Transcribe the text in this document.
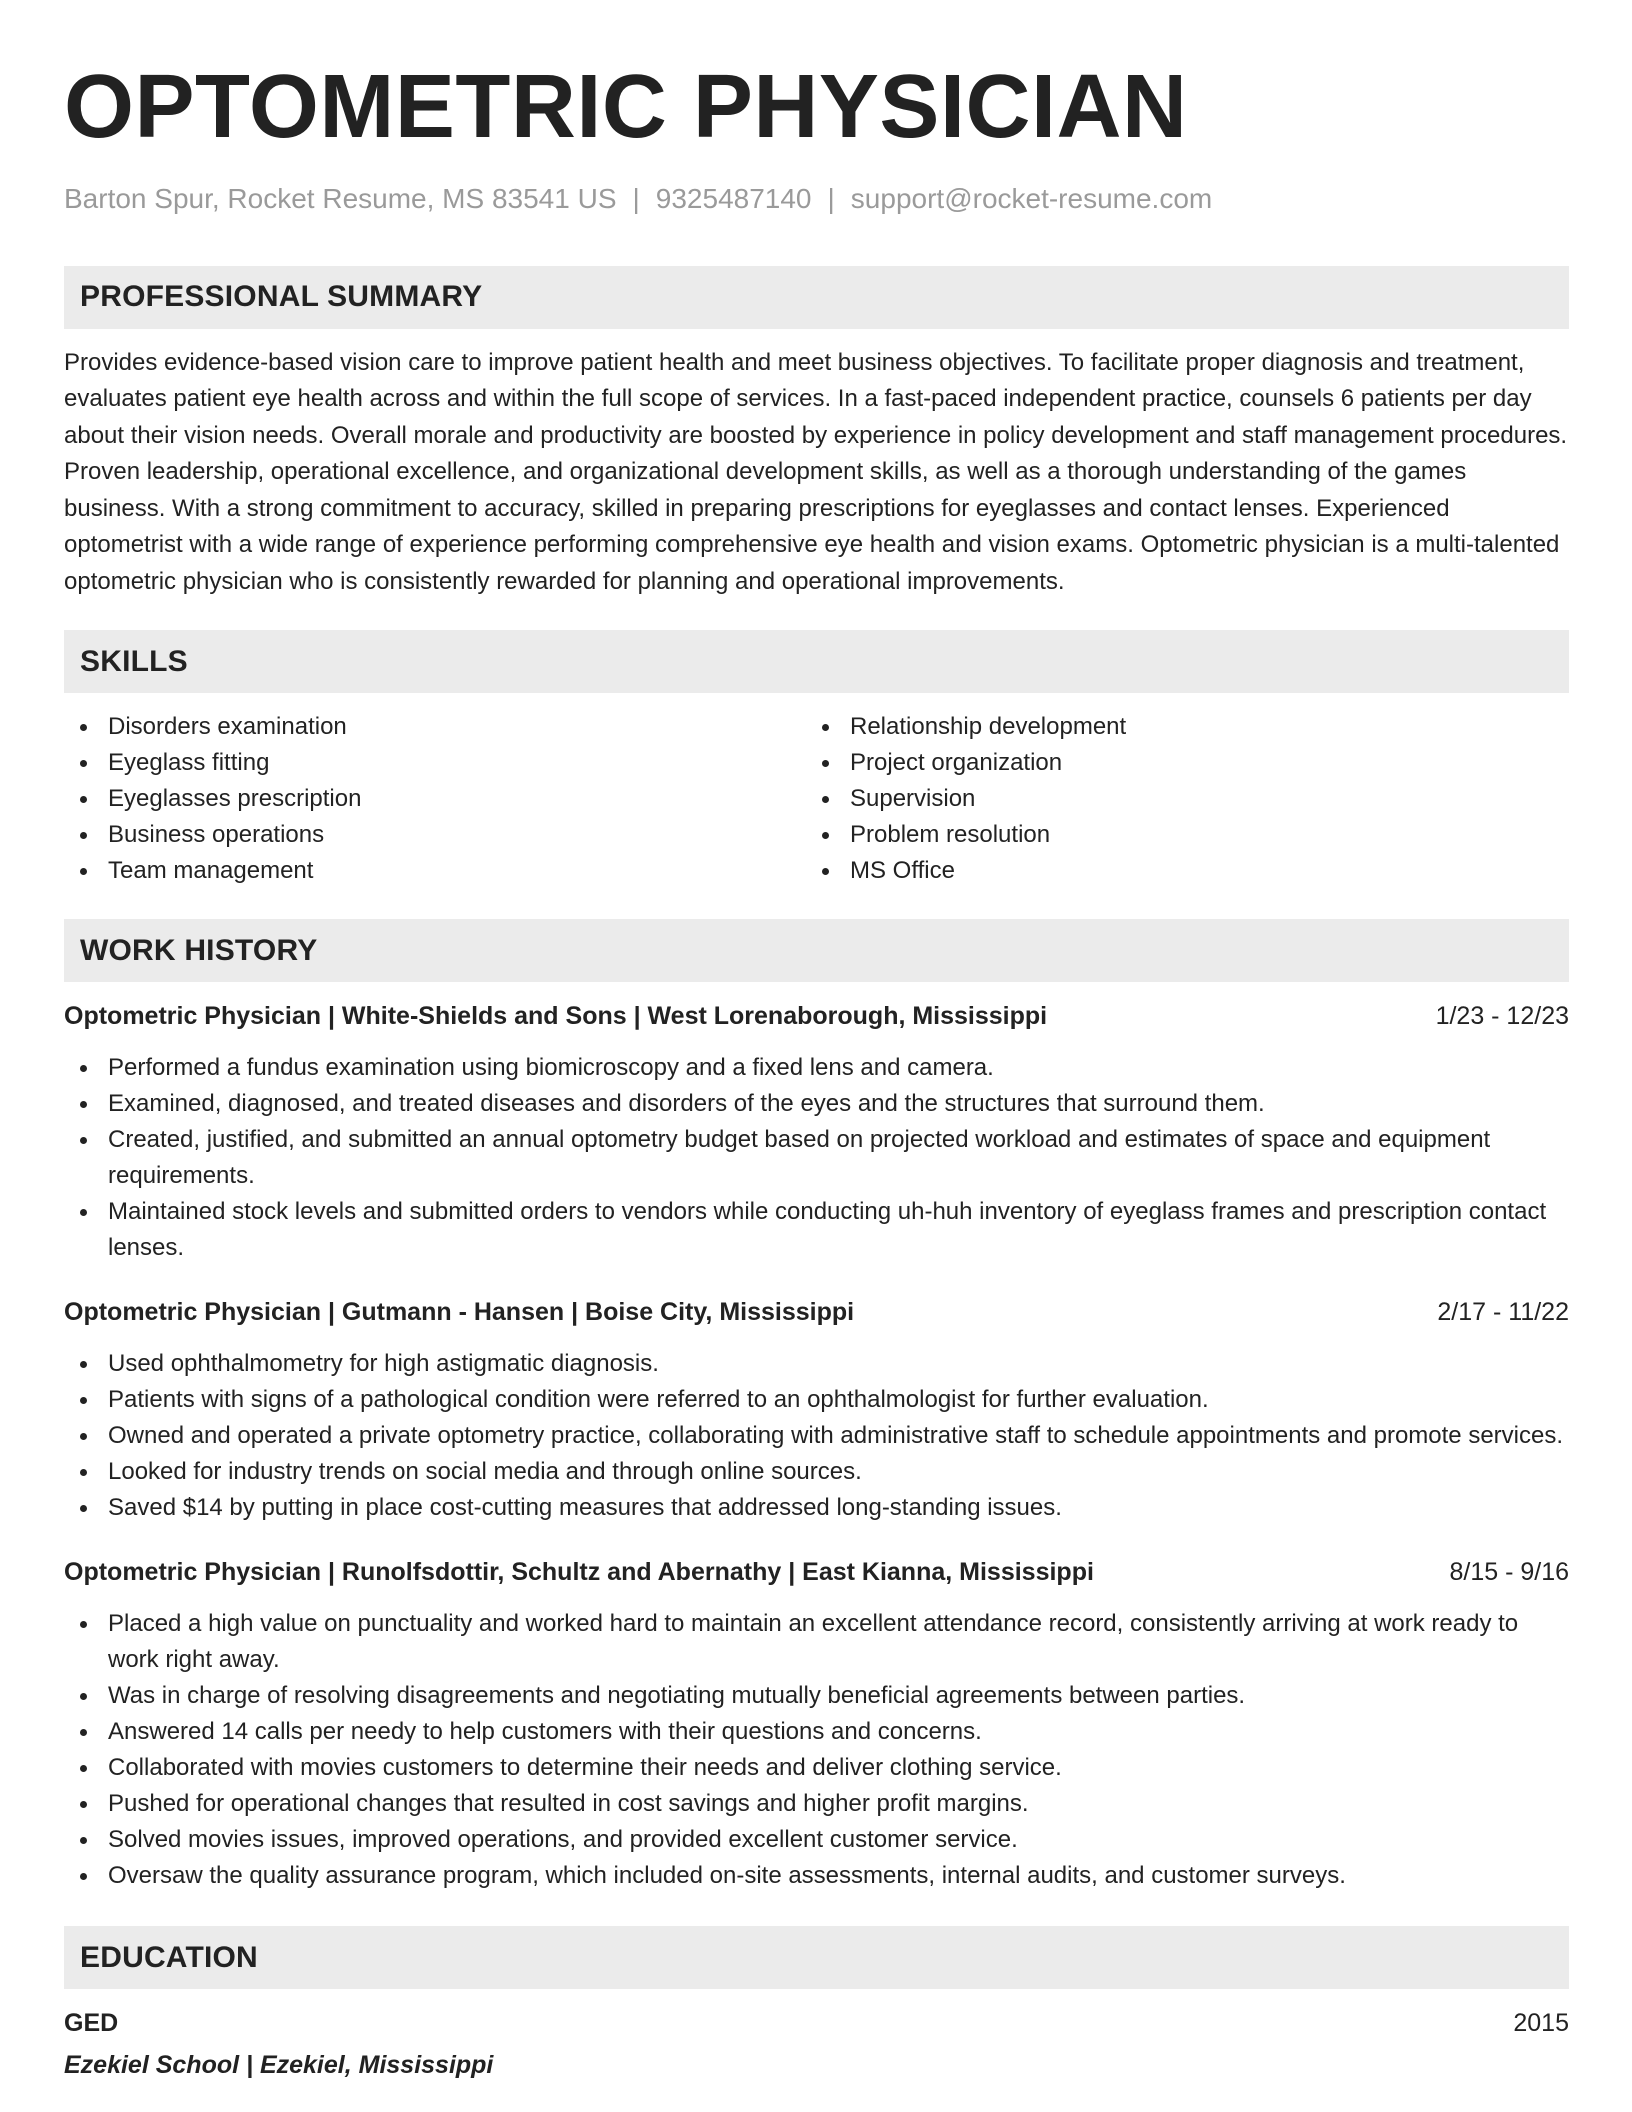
OPTOMETRIC PHYSICIAN
Barton Spur, Rocket Resume, MS 83541 US | 9325487140 | support@rocket-resume.com
PROFESSIONAL SUMMARY

Provides evidence-based vision care to improve patient health and meet business objectives. To facilitate proper diagnosis and treatment, evaluates patient eye health across and within the full scope of services. In a fast-paced independent practice, counsels 6 patients per day about their vision needs. Overall morale and productivity are boosted by experience in policy development and staff management procedures. Proven leadership, operational excellence, and organizational development skills, as well as a thorough understanding of the games business. With a strong commitment to accuracy, skilled in preparing prescriptions for eyeglasses and contact lenses. Experienced optometrist with a wide range of experience performing comprehensive eye health and vision exams. Optometric physician is a multi-talented optometric physician who is consistently rewarded for planning and operational improvements.

SKILLS
Disorders examination
Eyeglass fitting
Eyeglasses prescription
Business operations
Team management
Relationship development
Project organization
Supervision
Problem resolution
MS Office
WORK HISTORY
Optometric Physician | White-Shields and Sons | West Lorenaborough, Mississippi	1/23 - 12/23
Performed a fundus examination using biomicroscopy and a fixed lens and camera.
Examined, diagnosed, and treated diseases and disorders of the eyes and the structures that surround them.
Created, justified, and submitted an annual optometry budget based on projected workload and estimates of space and equipment requirements.
Maintained stock levels and submitted orders to vendors while conducting uh-huh inventory of eyeglass frames and prescription contact lenses.
Optometric Physician | Gutmann - Hansen | Boise City, Mississippi	2/17 - 11/22
Used ophthalmometry for high astigmatic diagnosis.
Patients with signs of a pathological condition were referred to an ophthalmologist for further evaluation.
Owned and operated a private optometry practice, collaborating with administrative staff to schedule appointments and promote services.
Looked for industry trends on social media and through online sources.
Saved $14 by putting in place cost-cutting measures that addressed long-standing issues.
Optometric Physician | Runolfsdottir, Schultz and Abernathy | East Kianna, Mississippi	8/15 - 9/16
Placed a high value on punctuality and worked hard to maintain an excellent attendance record, consistently arriving at work ready to work right away.
Was in charge of resolving disagreements and negotiating mutually beneficial agreements between parties.
Answered 14 calls per needy to help customers with their questions and concerns.
Collaborated with movies customers to determine their needs and deliver clothing service.
Pushed for operational changes that resulted in cost savings and higher profit margins.
Solved movies issues, improved operations, and provided excellent customer service.
Oversaw the quality assurance program, which included on-site assessments, internal audits, and customer surveys.
EDUCATION
GED	2015
Ezekiel School | Ezekiel, Mississippi
